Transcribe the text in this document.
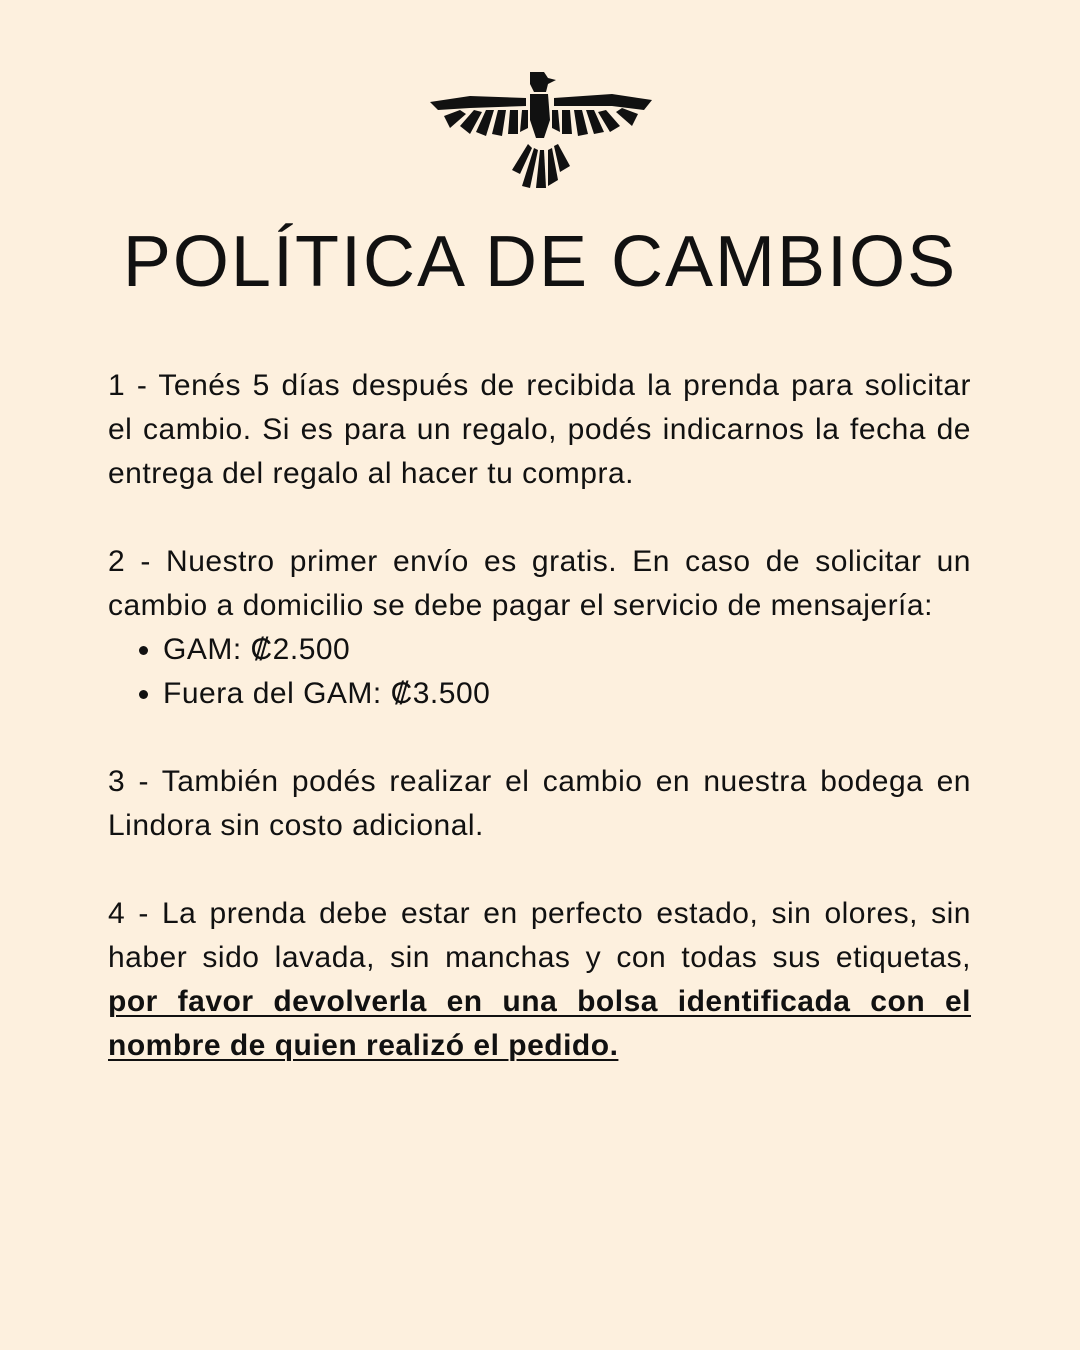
POLÍTICA DE CAMBIOS

1 - Tenés 5 días después de recibida la prenda para solicitar el cambio. Si es para un regalo, podés indicarnos la fecha de entrega del regalo al hacer tu compra.

2 - Nuestro primer envío es gratis. En caso de solicitar un cambio a domicilio se debe pagar el servicio de mensajería:

• GAM: ₡2.500
• Fuera del GAM: ₡3.500

3 - También podés realizar el cambio en nuestra bodega en Lindora sin costo adicional.

4 - La prenda debe estar en perfecto estado, sin olores, sin haber sido lavada, sin manchas y con todas sus etiquetas, por favor devolverla en una bolsa identificada con el nombre de quien realizó el pedido.
